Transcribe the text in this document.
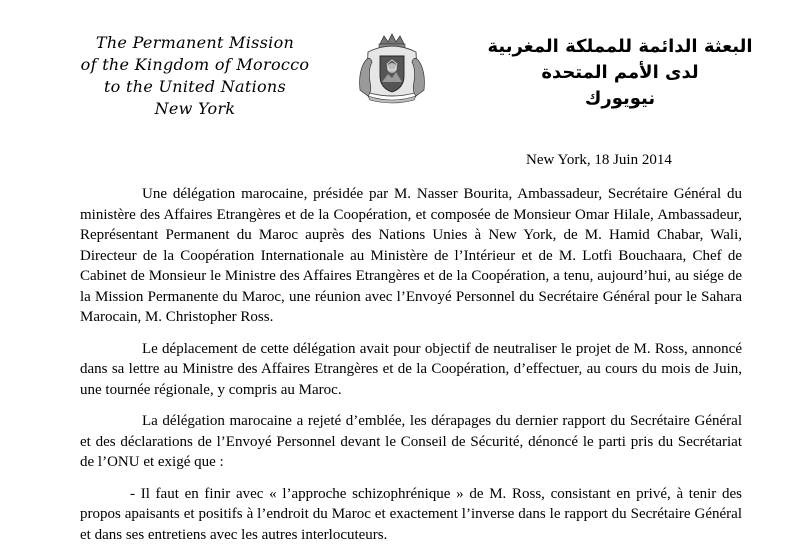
The Permanent Mission
of the Kingdom of Morocco
to the United Nations
New York
البعثة الدائمة للمملكة المغربية
لدى الأمم المتحدة
نيويورك
New York, 18 Juin 2014

Une délégation marocaine, présidée par M. Nasser Bourita, Ambassadeur, Secrétaire Général du ministère des Affaires Etrangères et de la Coopération, et composée de Monsieur Omar Hilale, Ambassadeur, Représentant Permanent du Maroc auprès des Nations Unies à New York, de M. Hamid Chabar, Wali, Directeur de la Coopération Internationale au Ministère de l’Intérieur et de M. Lotfi Bouchaara, Chef de Cabinet de Monsieur le Ministre des Affaires Etrangères et de la Coopération, a tenu, aujourd’hui, au siége de la Mission Permanente du Maroc, une réunion avec l’Envoyé Personnel du Secrétaire Général pour le Sahara Marocain, M. Christopher Ross.

Le déplacement de cette délégation avait pour objectif de neutraliser le projet de M. Ross, annoncé dans sa lettre au Ministre des Affaires Etrangères et de la Coopération, d’effectuer, au cours du mois de Juin, une tournée régionale, y compris au Maroc.

La délégation marocaine a rejeté d’emblée, les dérapages du dernier rapport du Secrétaire Général et des déclarations de l’Envoyé Personnel devant le Conseil de Sécurité, dénoncé le parti pris du Secrétariat de l’ONU et exigé que :

- Il faut en finir avec « l’approche schizophrénique » de M. Ross, consistant en privé, à tenir des propos apaisants et positifs à l’endroit du Maroc et exactement l’inverse dans le rapport du Secrétaire Général et dans ses entretiens avec les autres interlocuteurs.
